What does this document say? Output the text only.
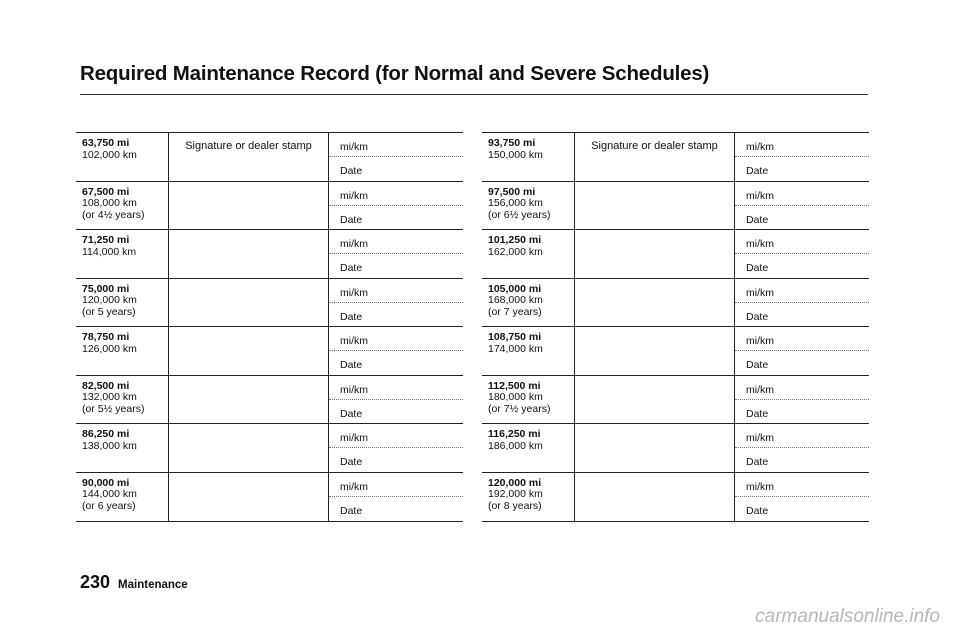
Required Maintenance Record (for Normal and Severe Schedules)
63,750 mi
102,000 km
Signature or dealer stamp	mi/km
Date
67,500 mi
108,000 km
(or 4½ years)
mi/km
Date
71,250 mi
114,000 km
mi/km
Date
75,000 mi
120,000 km
(or 5 years)
mi/km
Date
78,750 mi
126,000 km
mi/km
Date
82,500 mi
132,000 km
(or 5½ years)
mi/km
Date
86,250 mi
138,000 km
mi/km
Date
90,000 mi
144,000 km
(or 6 years)
mi/km
Date
93,750 mi
150,000 km
Signature or dealer stamp	mi/km
Date
97,500 mi
156,000 km
(or 6½ years)
mi/km
Date
101,250 mi
162,000 km
mi/km
Date
105,000 mi
168,000 km
(or 7 years)
mi/km
Date
108,750 mi
174,000 km
mi/km
Date
112,500 mi
180,000 km
(or 7½ years)
mi/km
Date
116,250 mi
186,000 km
mi/km
Date
120,000 mi
192,000 km
(or 8 years)
mi/km
Date
230 Maintenance
carmanualsonline.info
